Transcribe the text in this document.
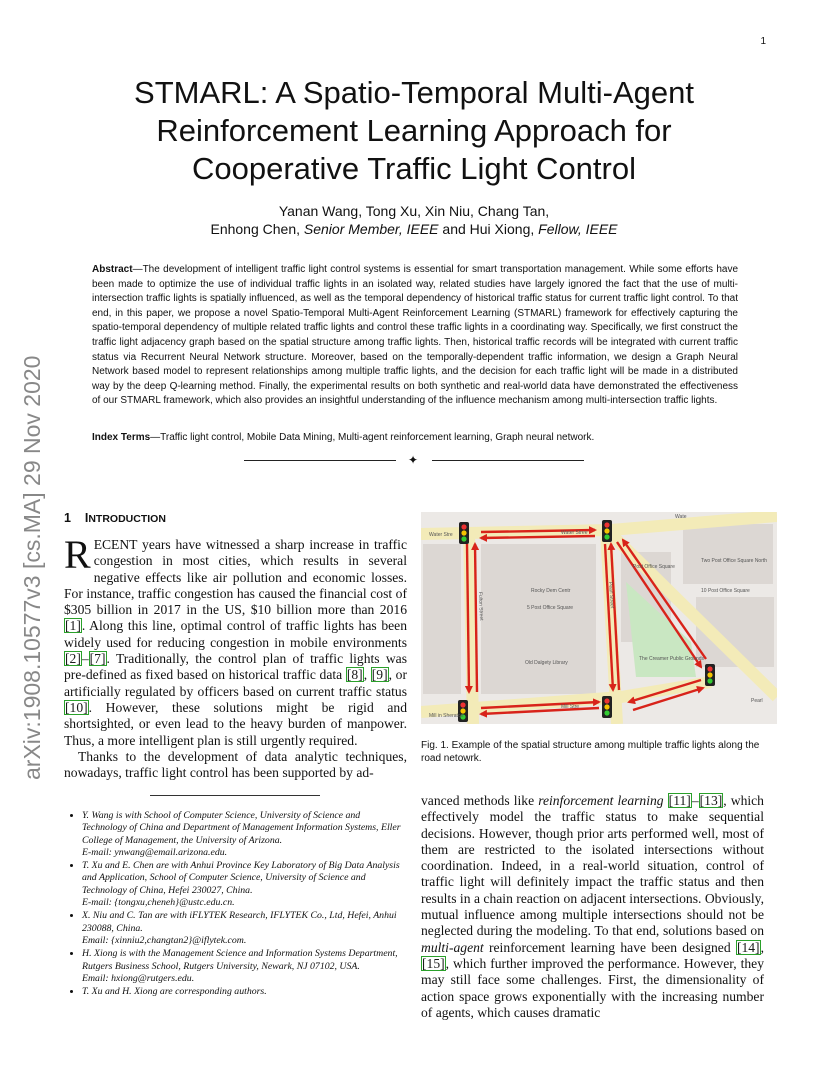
1
arXiv:1908.10577v3 [cs.MA] 29 Nov 2020
STMARL: A Spatio-Temporal Multi-Agent
Reinforcement Learning Approach for
Cooperative Traffic Light Control
Yanan Wang, Tong Xu, Xin Niu, Chang Tan,
Enhong Chen, Senior Member, IEEE and Hui Xiong, Fellow, IEEE
Abstract—The development of intelligent traffic light control systems is essential for smart transportation management. While some efforts have been made to optimize the use of individual traffic lights in an isolated way, related studies have largely ignored the fact that the use of multi-intersection traffic lights is spatially influenced, as well as the temporal dependency of historical traffic status for current traffic light control. To that end, in this paper, we propose a novel Spatio-Temporal Multi-Agent Reinforcement Learning (STMARL) framework for effectively capturing the spatio-temporal dependency of multiple related traffic lights and control these traffic lights in a coordinating way. Specifically, we first construct the traffic light adjacency graph based on the spatial structure among traffic lights. Then, historical traffic records will be integrated with current traffic status via Recurrent Neural Network structure. Moreover, based on the temporally-dependent traffic information, we design a Graph Neural Network based model to represent relationships among multiple traffic lights, and the decision for each traffic light will be made in a distributed way by the deep Q-learning method. Finally, the experimental results on both synthetic and real-world data have demonstrated the effectiveness of our STMARL framework, which also provides an insightful understanding of the influence mechanism among multi-intersection traffic lights.
Index Terms—Traffic light control, Mobile Data Mining, Multi-agent reinforcement learning, Graph neural network.
✦
1 INTRODUCTION

RECENT years have witnessed a sharp increase in traffic congestion in most cities, which results in several negative effects like air pollution and economic losses. For instance, traffic congestion has caused the financial cost of $305 billion in 2017 in the US, $10 billion more than 2016 [1]. Along this line, optimal control of traffic lights has been widely used for reducing congestion in mobile environments [2]–[7]. Traditionally, the control plan of traffic lights was pre-defined as fixed based on historical traffic data [8], [9], or artificially regulated by officers based on current traffic status [10]. However, these solutions might be rigid and shortsighted, or even lead to the heavy burden of manpower. Thus, a more intelligent plan is still urgently required.

Thanks to the development of data analytic techniques, nowadays, traffic light control has been supported by ad-

• Y. Wang is with School of Computer Science, University of Science and Technology of China and Department of Management Information Systems, Eller College of Management, the University of Arizona.
E-mail: ynwang@email.arizona.edu.
• T. Xu and E. Chen are with Anhui Province Key Laboratory of Big Data Analysis and Application, School of Computer Science, University of Science and Technology of China, Hefei 230027, China.
E-mail: {tongxu,cheneh}@ustc.edu.cn.
• X. Niu and C. Tan are with iFLYTEK Research, IFLYTEK Co., Ltd, Hefei, Anhui 230088, China.
Email: {xinniu2,changtan2}@iflytek.com.
• H. Xiong is with the Management Science and Information Systems Department, Rutgers Business School, Rutgers University, Newark, NJ 07102, USA.
Email: hxiong@rutgers.edu.
• T. Xu and H. Xiong are corresponding authors.
Water Stre	Water Stree
Wate
Mill Stre
Two Post Office Square North
Rocky Dem Centr
5 Post Office Square
10 Post Office Square
Post Office Square
The Creamer Public Grounds
Old Dalgety Library
Mill in Sheraton
Pearl
Fulton Street	Pearl Street
Fig. 1. Example of the spatial structure among multiple traffic lights along the road netowrk.
vanced methods like reinforcement learning [11]–[13], which effectively model the traffic status to make sequential decisions. However, though prior arts performed well, most of them are restricted to the isolated intersections without coordination. Indeed, in a real-world situation, control of traffic light will definitely impact the traffic status and then results in a chain reaction on adjacent intersections. Obviously, mutual influence among multiple intersections should not be neglected during the modeling. To that end, solutions based on multi-agent reinforcement learning have been designed [14], [15], which further improved the performance. However, they may still face some challenges. First, the dimensionality of action space grows exponentially with the increasing number of agents, which causes dramatic
